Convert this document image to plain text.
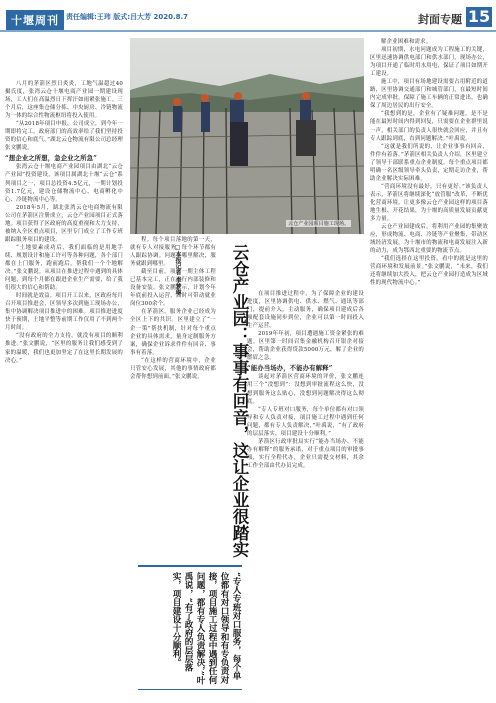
十堰周刊	责任编辑:王玮 版式:吕大芳 2020.8.7	封面专题 15
云仓产业园项目施工现场。
□本报记者 李梦琳	云仓产业园：事事有回音，这让企业很踏实

八月的茅箭区烈日炎炎，工地气温超过40摄氏度，张湾云仓十堰电商产业园一期建设现场，工人们在高温烈日下挥汗如雨紧张施工。三个月后，这座集仓储分拣、中央厨房、冷链物流为一体的综合性物流枢纽将投入使用。

“从2018年项目申报，公司成立，到今年一期即将完工，政府部门的高效率给了我们坚持投资的信心和底气。”湖北云仓物流有限公司总经理张文鹏说。

“想企业之所想，急企业之所急”

张湾云仓十堰电商产业园项目由湖北“云仓产业园”投资建设，该项目属湖北十堰“云仓”系列项目之一，项目总投资4.5亿元，一期计划投资1.7亿元，建设仓储物流中心、电商孵化中心、冷链物流中心等。

2018年5月，湖北张湾云仓电商物流有限公司在茅箭区注册成立，云仓产业园项目正式落地。项目获得了区政府的高度重视和大力支持，被纳入全区重点项目，区里专门成立了工作专班跟踪服务项目的建设。

“土地要素成功后，我们面临的是用地手续、规划设计和施工许可等各种问题，各个部门都在上门服务，跑前跑后，帮我们一个个地解决。”张文鹏说。从项目在推进过程中遇到的具体问题，到每个月都在跟进企业生产需要，给了我们很大的信心和帮助。

时间就是效益。项目开工以来，区政府每月召开项目推进会，区领导多次到施工现场办公，集中协调解决项目推进中的困难。项目推进进度快于预期，土地平整等前期工作仅用了不到两个月时间。

“没有政府的全力支持，就没有项目的顺利推进。”张文鹏说，“区里的服务让我们感受到了家的温暖，我们也更加坚定了在这里长期发展的决心。”

程。每个项目落地的第一天，就有专人对接服务，每个环节都有人跟踪协调。问题在哪里解决，服务就跟到哪里。

截至目前，项目一期主体工程已基本完工，正在进行内部装修和设备安装。张文鹏表示，计划今年年底前投入运营，届时可带动就业岗位300余个。

在茅箭区，服务企业已经成为全区上下的共识。区里建立了“一企一策”帮扶机制，针对每个重点企业的具体需求，量身定制服务方案，确保企业诉求件件有回音、事事有着落。

“在这样的营商环境中，企业只管安心发展，其他的事情政府都会帮你想到前面。”张文鹏说。

“专人专班对口服务，每个单位都有对口领导和有专负责对接，项目施工过程中遇到任何问题，都有专人负责解决，”叶禹说，“有了政府的层层落实，项目建设十分顺利。

在项目推进过程中，为了保障企业的建设进度，区里协调供电、供水、燃气、通讯等部门，提前介入，主动服务，确保项目建成后各项配套设施同步到位，企业可以第一时间投入生产运营。

2019年年初，项目遭遇施工资金紧张的难题。区里第一时间召集金融机构召开银企对接会，帮助企业获得贷款5000万元，解了企业的燃眉之急。

“能办当场办，不能办有解释”

谈起对茅箭区营商环境的评价，张文鹏连用三个“没想到”：没想到审批流程这么快，没想到服务这么贴心，没想到问题解决得这么彻底。

“专人专班对口服务，每个单位都有对口领导和专人负责对接，项目施工过程中遇到任何问题，都有专人负责解决，”叶禹说，“有了政府的层层落实，项目建设十分顺利。”

茅箭区行政审批局实行“能办当场办、不能办有解释”的服务承诺，对于重点项目的审批事项，实行全程代办，企业只需提交材料，其余工作全部由代办员完成。

解企业困难和需求。

项目初期，水电问题成为工程施工的关键，区里迅速协调供电部门和供水部门，现场办公，为项目开通了临时用水用电，保证了项目如期开工建设。

施工中，项目有场地建设需要占用附近的道路，区里协调交通部门和城管部门，在最短时间内完成审批，保障了施工车辆的正常进出，也确保了周边居民的出行安全。

“我想到的是，企业有了疑难问题，是不是能在最短时间内得到回复，只需要在企业群里说一声，相关部门的负责人很快就会回应，并且有专人跟踪到底，直到问题解决。”叶禹说。

“这就是我们所说的，让企业事事有回音，件件有着落。”茅箭区相关负责人介绍，区里建立了领导干部联系重点企业制度，每个重点项目都明确一名区级领导牵头负责，定期走访企业，帮助企业解决实际困难。

“营商环境没有最好，只有更好。”该负责人表示，茅箭区将继续深化“放管服”改革，不断优化营商环境，让更多像云仓产业园这样的项目落地生根、开花结果，为十堰的高质量发展贡献更多力量。

云仓产业园建成后，将利用产业园的集聚效应，形成物流、电商、冷链等产业聚集，带动区域经济发展，为十堰市的物流和电商发展注入新的动力，成为鄂西北重要的物流节点。

“我们选择在这里投资，看中的就是这里的营商环境和发展前景。”张文鹏说，“未来，我们还将继续加大投入，把云仓产业园打造成为区域性的现代物流中心。”
